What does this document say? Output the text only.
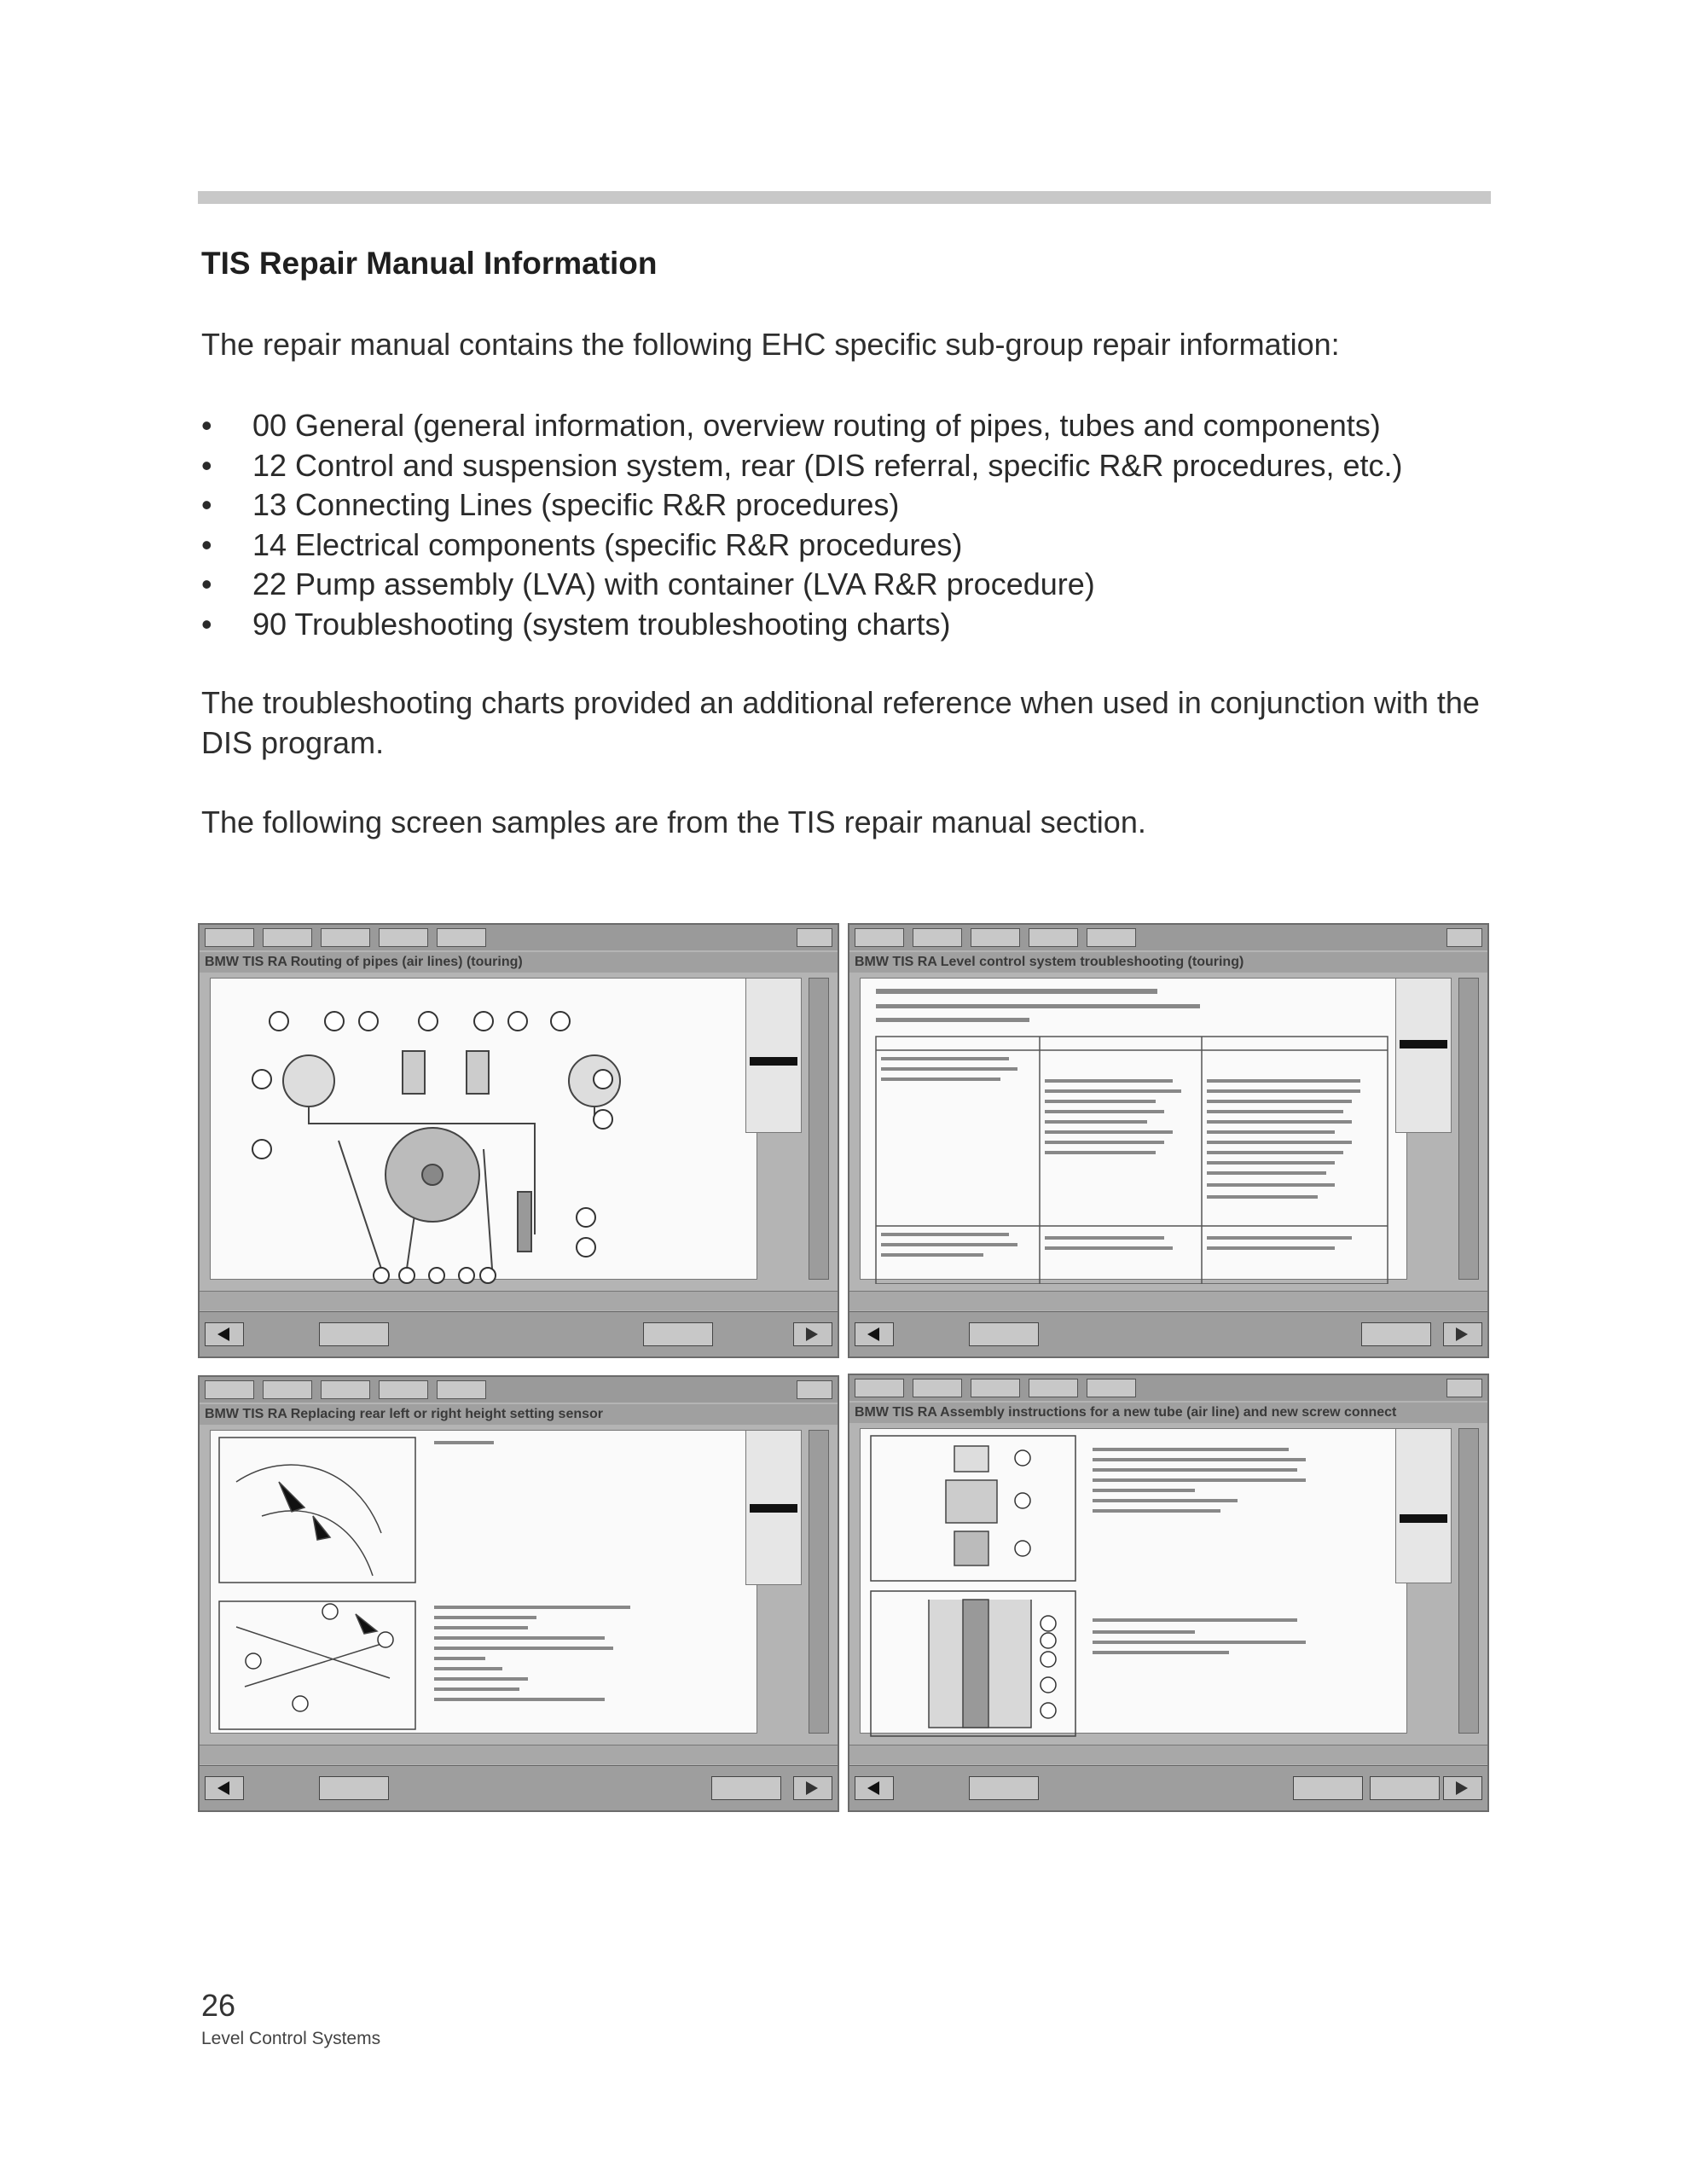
TIS Repair Manual Information

The repair manual contains the following EHC specific sub-group repair information:

• 00 General (general information, overview routing of pipes, tubes and components)
• 12 Control and suspension system, rear (DIS referral, specific R&R procedures, etc.)
• 13 Connecting Lines (specific R&R procedures)
• 14 Electrical components (specific R&R procedures)
• 22 Pump assembly (LVA) with container (LVA R&R procedure)
• 90 Troubleshooting (system troubleshooting charts)

The troubleshooting charts provided an additional reference when used in conjunction with the DIS program.

The following screen samples are from the TIS repair manual section.

BMW TIS RA Routing of pipes (air lines) (touring)	BMW TIS RA Level control system troubleshooting (touring)
BMW TIS RA Replacing rear left or right height setting sensor	BMW TIS RA Assembly instructions for a new tube (air line) and new screw connect

26

Level Control Systems
